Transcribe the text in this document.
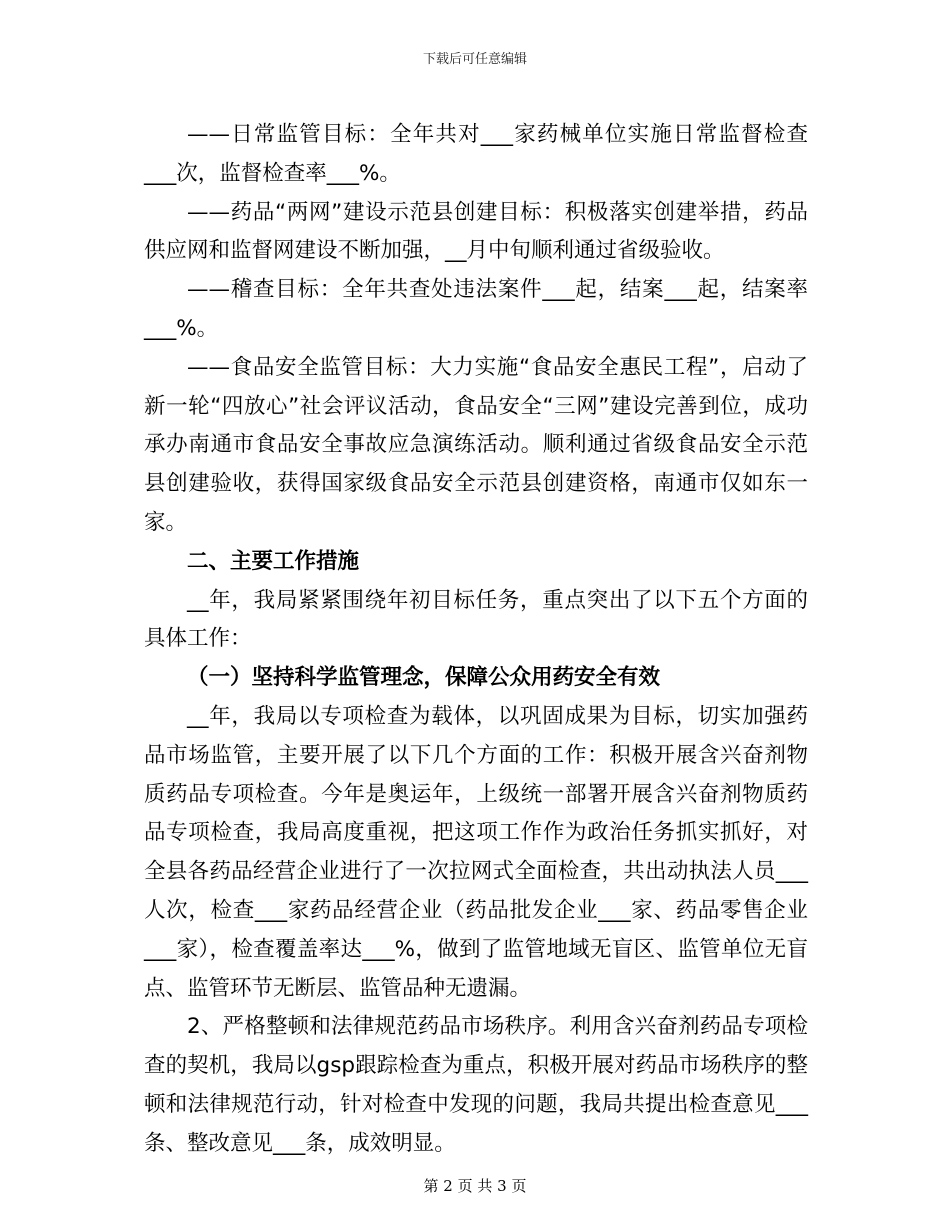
下载后可任意编辑

——日常监管目标：全年共对___家药械单位实施日常监督检查___次，监督检查率___%。

——药品“两网”建设示范县创建目标：积极落实创建举措，药品供应网和监督网建设不断加强，__月中旬顺利通过省级验收。

——稽查目标：全年共查处违法案件___起，结案___起，结案率___%。

——食品安全监管目标：大力实施“食品安全惠民工程”，启动了新一轮“四放心”社会评议活动，食品安全“三网”建设完善到位，成功承办南通市食品安全事故应急演练活动。顺利通过省级食品安全示范县创建验收，获得国家级食品安全示范县创建资格，南通市仅如东一家。

二、主要工作措施

__年，我局紧紧围绕年初目标任务，重点突出了以下五个方面的具体工作：

（一）坚持科学监管理念，保障公众用药安全有效

__年，我局以专项检查为载体，以巩固成果为目标，切实加强药品市场监管，主要开展了以下几个方面的工作：积极开展含兴奋剂物质药品专项检查。今年是奥运年，上级统一部署开展含兴奋剂物质药品专项检查，我局高度重视，把这项工作作为政治任务抓实抓好，对全县各药品经营企业进行了一次拉网式全面检查，共出动执法人员___人次，检查___家药品经营企业（药品批发企业___家、药品零售企业___家），检查覆盖率达___%，做到了监管地域无盲区、监管单位无盲点、监管环节无断层、监管品种无遗漏。

2、严格整顿和法律规范药品市场秩序。利用含兴奋剂药品专项检查的契机，我局以gsp跟踪检查为重点，积极开展对药品市场秩序的整顿和法律规范行动，针对检查中发现的问题，我局共提出检查意见___条、整改意见___条，成效明显。

第 2 页 共 3 页
